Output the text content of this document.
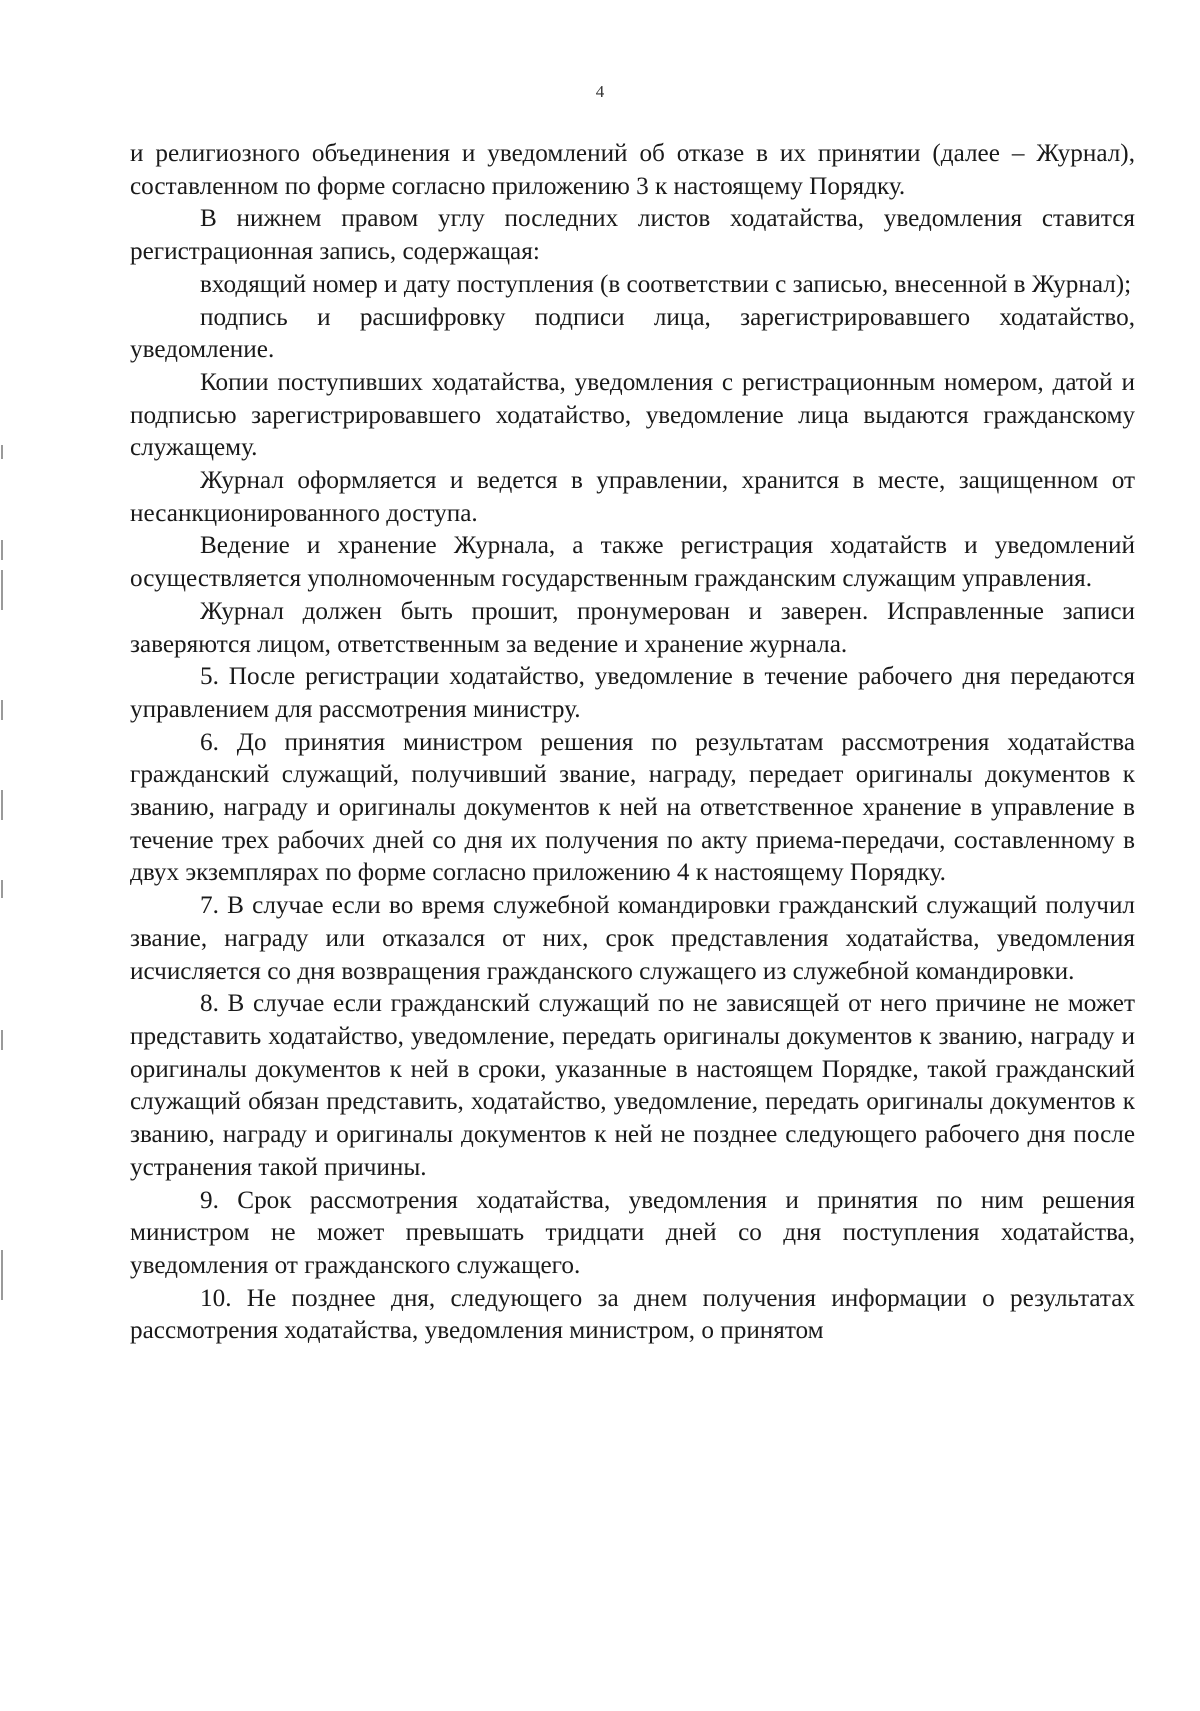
4

и религиозного объединения и уведомлений об отказе в их принятии (далее – Журнал), составленном по форме согласно приложению 3 к настоящему Порядку.

В нижнем правом углу последних листов ходатайства, уведомления ставится регистрационная запись, содержащая:

входящий номер и дату поступления (в соответствии с записью, внесенной в Журнал);

подпись и расшифровку подписи лица, зарегистрировавшего ходатайство, уведомление.

Копии поступивших ходатайства, уведомления с регистрационным номером, датой и подписью зарегистрировавшего ходатайство, уведомление лица выдаются гражданскому служащему.

Журнал оформляется и ведется в управлении, хранится в месте, защищенном от несанкционированного доступа.

Ведение и хранение Журнала, а также регистрация ходатайств и уведомлений осуществляется уполномоченным государственным гражданским служащим управления.

Журнал должен быть прошит, пронумерован и заверен. Исправленные записи заверяются лицом, ответственным за ведение и хранение журнала.

5. После регистрации ходатайство, уведомление в течение рабочего дня передаются управлением для рассмотрения министру.

6. До принятия министром решения по результатам рассмотрения ходатайства гражданский служащий, получивший звание, награду, передает оригиналы документов к званию, награду и оригиналы документов к ней на ответственное хранение в управление в течение трех рабочих дней со дня их получения по акту приема-передачи, составленному в двух экземплярах по форме согласно приложению 4 к настоящему Порядку.

7. В случае если во время служебной командировки гражданский служащий получил звание, награду или отказался от них, срок представления ходатайства, уведомления исчисляется со дня возвращения гражданского служащего из служебной командировки.

8. В случае если гражданский служащий по не зависящей от него причине не может представить ходатайство, уведомление, передать оригиналы документов к званию, награду и оригиналы документов к ней в сроки, указанные в настоящем Порядке, такой гражданский служащий обязан представить, ходатайство, уведомление, передать оригиналы документов к званию, награду и оригиналы документов к ней не позднее следующего рабочего дня после устранения такой причины.

9. Срок рассмотрения ходатайства, уведомления и принятия по ним решения министром не может превышать тридцати дней со дня поступления ходатайства, уведомления от гражданского служащего.

10. Не позднее дня, следующего за днем получения информации о результатах рассмотрения ходатайства, уведомления министром, о принятом
